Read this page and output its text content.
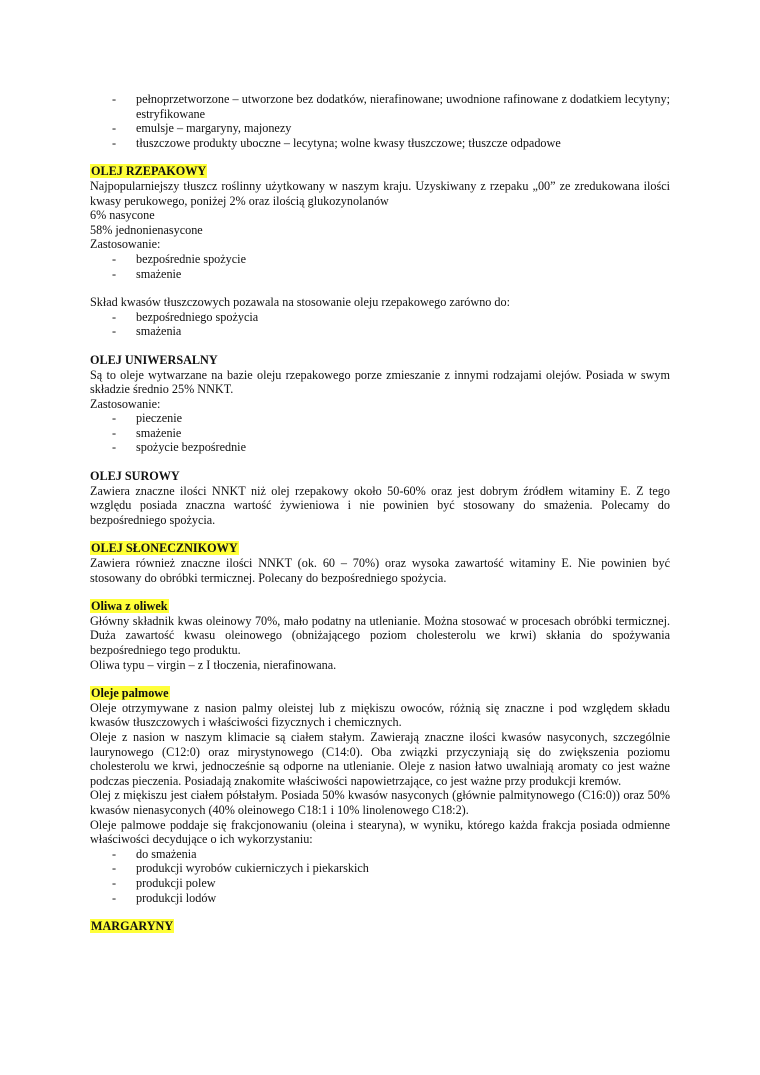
- pełnoprzetworzone – utworzone bez dodatków, nierafinowane; uwodnione rafinowane z dodatkiem lecytyny; estryfikowane
- emulsje – margaryny, majonezy
- tłuszczowe produkty uboczne – lecytyna; wolne kwasy tłuszczowe; tłuszcze odpadowe
OLEJ RZEPAKOWY
Najpopularniejszy tłuszcz roślinny użytkowany w naszym kraju. Uzyskiwany z rzepaku „00” ze zredukowana ilości kwasy perukowego, poniżej 2% oraz ilością glukozynolanów
6% nasycone
58% jednonienasycone
Zastosowanie:
- bezpośrednie spożycie
- smażenie
Skład kwasów tłuszczowych pozawala na stosowanie oleju rzepakowego zarówno do:
- bezpośredniego spożycia
- smażenia
OLEJ UNIWERSALNY
Są to oleje wytwarzane na bazie oleju rzepakowego porze zmieszanie z innymi rodzajami olejów. Posiada w swym składzie średnio 25% NNKT.
Zastosowanie:
- pieczenie
- smażenie
- spożycie bezpośrednie
OLEJ SUROWY
Zawiera znaczne ilości NNKT niż olej rzepakowy około 50-60% oraz jest dobrym źródłem witaminy E. Z tego względu posiada znaczna wartość żywieniowa i nie powinien być stosowany do smażenia. Polecamy do bezpośredniego spożycia.
OLEJ SŁONECZNIKOWY
Zawiera również znaczne ilości NNKT (ok. 60 – 70%) oraz wysoka zawartość witaminy E. Nie powinien być stosowany do obróbki termicznej. Polecany do bezpośredniego spożycia.
Oliwa z oliwek
Główny składnik kwas oleinowy 70%, mało podatny na utlenianie. Można stosować w procesach obróbki termicznej. Duża zawartość kwasu oleinowego (obniżającego poziom cholesterolu we krwi) skłania do spożywania bezpośredniego tego produktu.
Oliwa typu – virgin – z I tłoczenia, nierafinowana.
Oleje palmowe
Oleje otrzymywane z nasion palmy oleistej lub z miękiszu owoców, różnią się znaczne i pod względem składu kwasów tłuszczowych i właściwości fizycznych i chemicznych.
Oleje z nasion w naszym klimacie są ciałem stałym. Zawierają znaczne ilości kwasów nasyconych, szczególnie laurynowego (C12:0) oraz mirystynowego (C14:0). Oba związki przyczyniają się do zwiększenia poziomu cholesterolu we krwi, jednocześnie są odporne na utlenianie. Oleje z nasion łatwo uwalniają aromaty co jest ważne podczas pieczenia. Posiadają znakomite właściwości napowietrzające, co jest ważne przy produkcji kremów.
Olej z miękiszu jest ciałem półstałym. Posiada 50% kwasów nasyconych (głównie palmitynowego (C16:0)) oraz 50% kwasów nienasyconych (40% oleinowego C18:1 i 10% linolenowego C18:2).
Oleje palmowe poddaje się frakcjonowaniu (oleina i stearyna), w wyniku, którego każda frakcja posiada odmienne właściwości decydujące o ich wykorzystaniu:
- do smażenia
- produkcji wyrobów cukierniczych i piekarskich
- produkcji polew
- produkcji lodów
MARGARYNY
